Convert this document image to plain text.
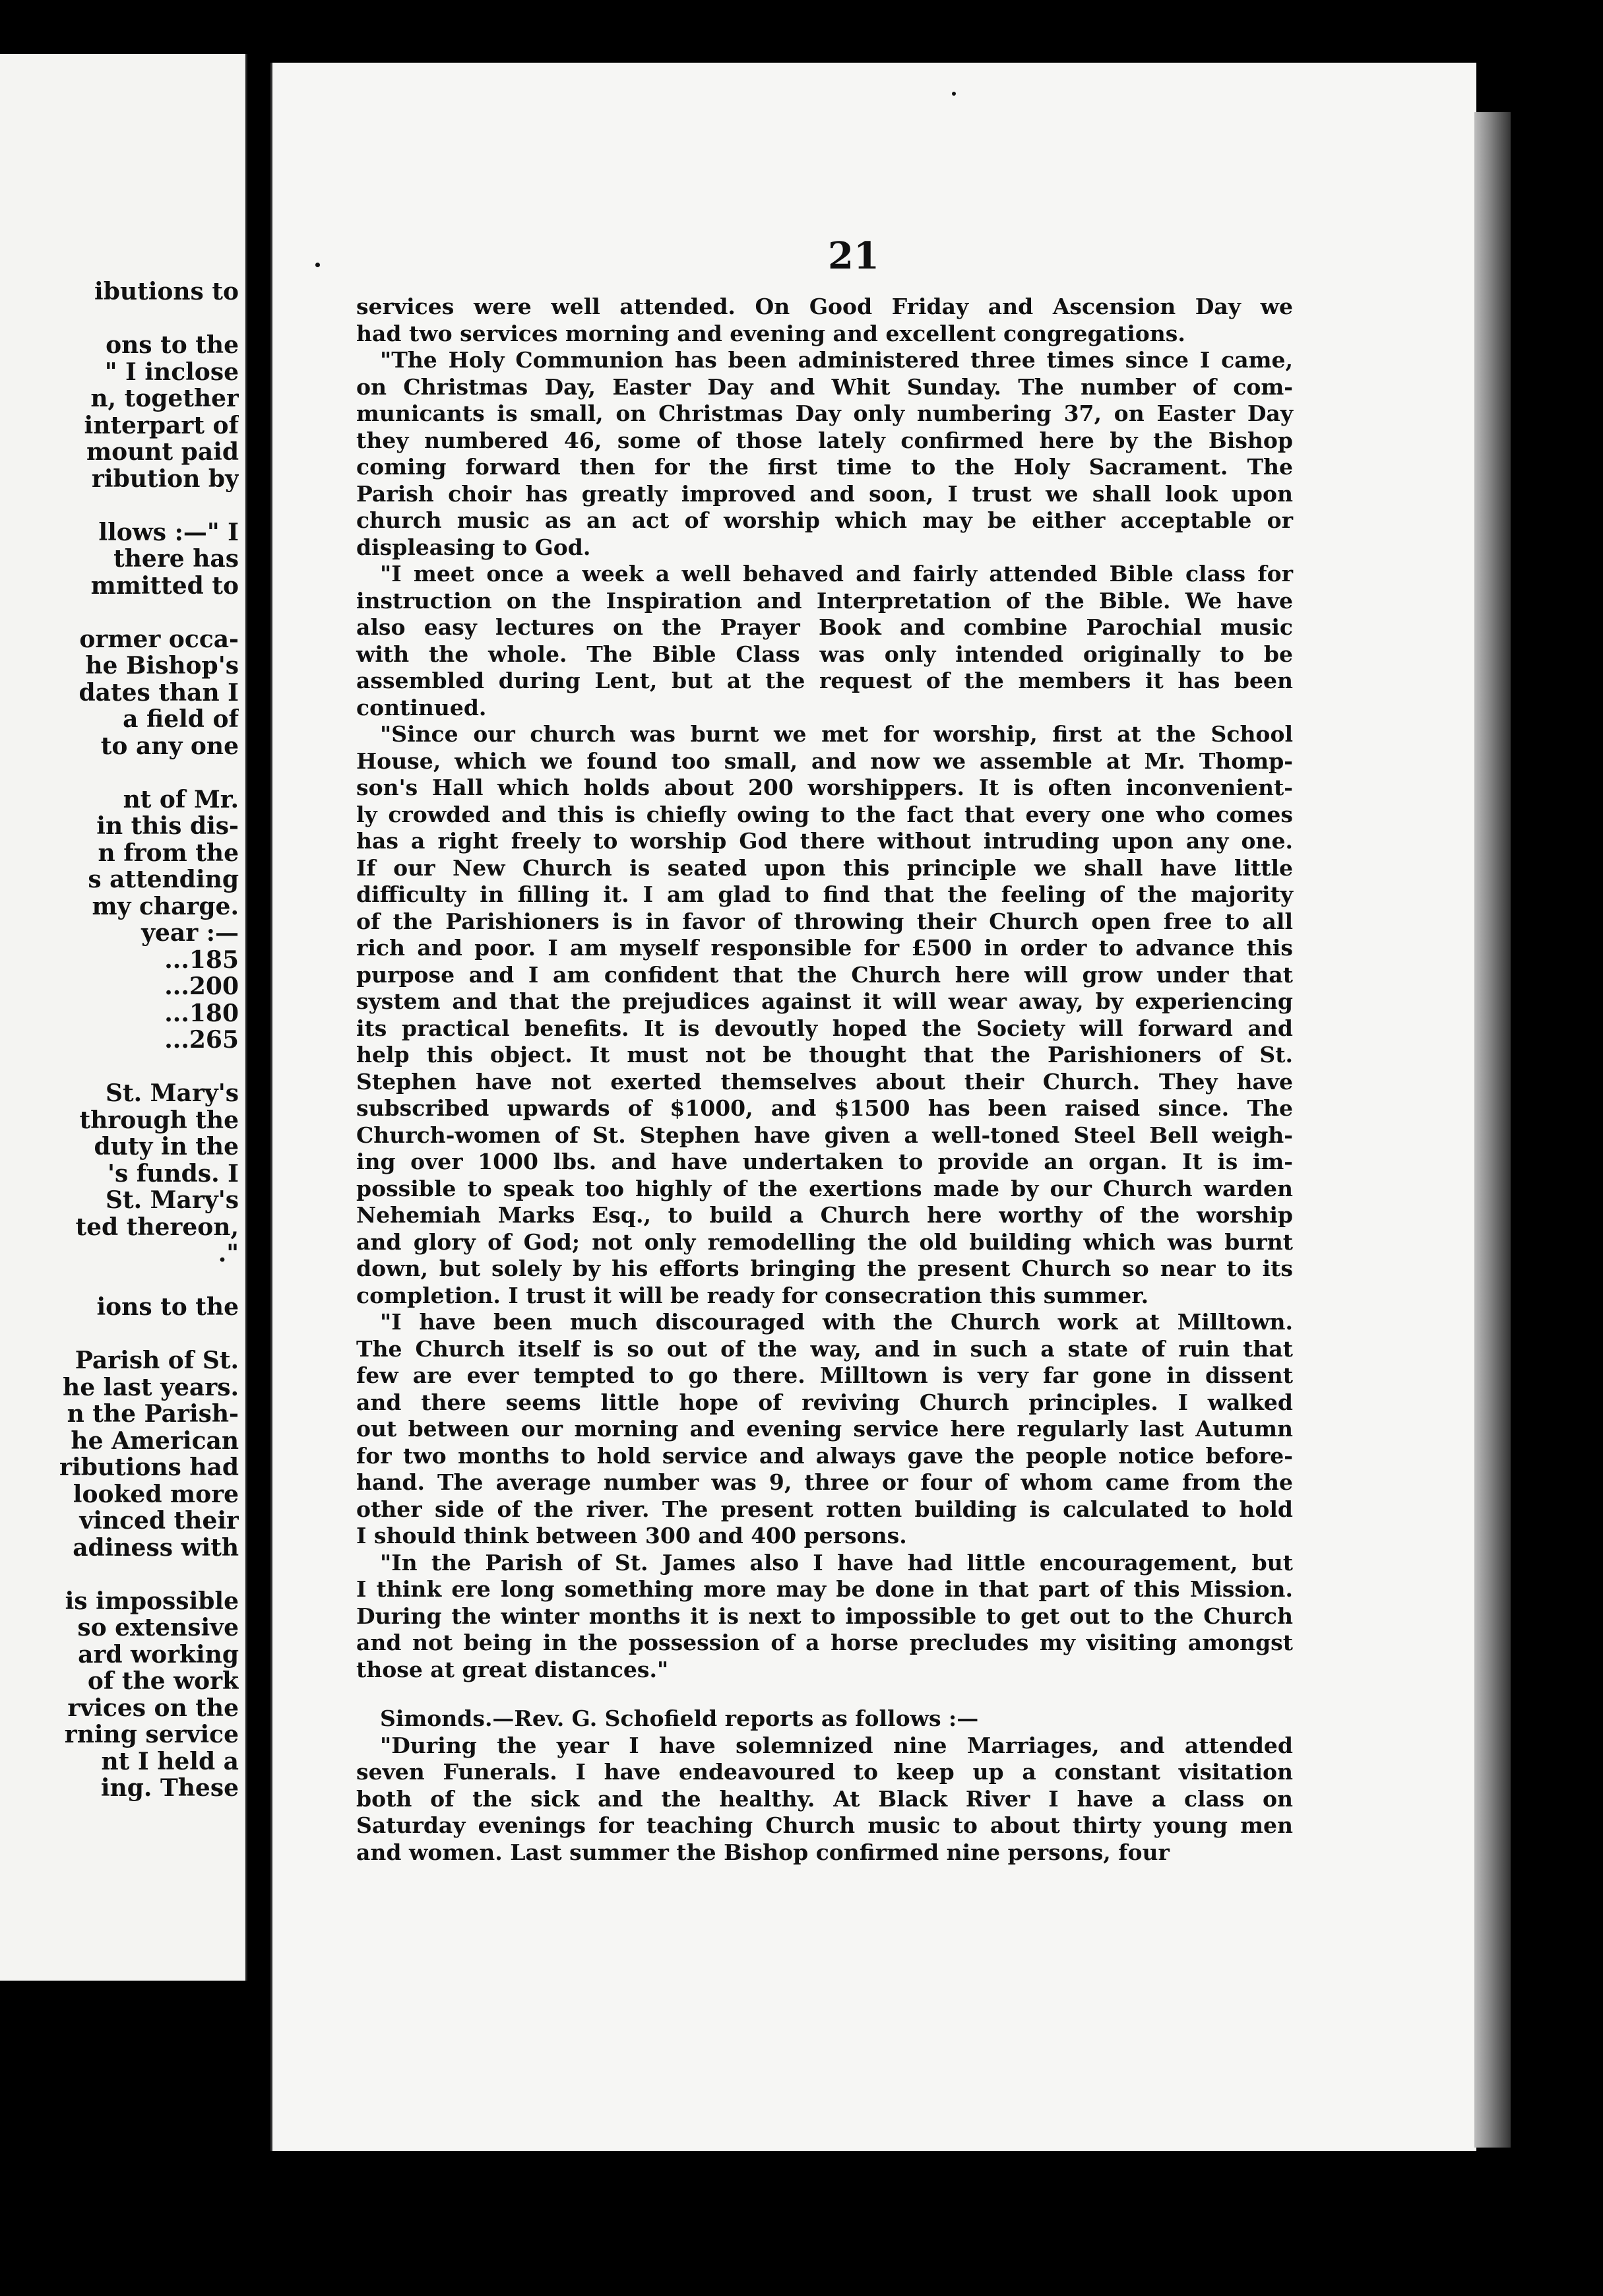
ibutions to

ons to the
" I inclose
n, together
interpart of
mount paid
ribution by

llows :—" I
there has
mmitted to

ormer occa-
he Bishop's
dates than I
a field of
to any one

nt of Mr.
in this dis-
n from the
s attending
my charge.
year :—
...185
...200
...180
...265

St. Mary's
through the
duty in the
's funds. I
St. Mary's
ted thereon,
."

ions to the

Parish of St.
he last years.
n the Parish-
he American
ributions had
looked more
vinced their
adiness with

is impossible
so extensive
ard working
of the work
rvices on the
rning service
nt I held a
ing. These
21
services were well attended. On Good Friday and Ascension Day we
had two services morning and evening and excellent congregations.
"The Holy Communion has been administered three times since I came,
on Christmas Day, Easter Day and Whit Sunday. The number of com-
municants is small, on Christmas Day only numbering 37, on Easter Day
they numbered 46, some of those lately confirmed here by the Bishop
coming forward then for the first time to the Holy Sacrament. The
Parish choir has greatly improved and soon, I trust we shall look upon
church music as an act of worship which may be either acceptable or
displeasing to God.
"I meet once a week a well behaved and fairly attended Bible class for
instruction on the Inspiration and Interpretation of the Bible. We have
also easy lectures on the Prayer Book and combine Parochial music
with the whole. The Bible Class was only intended originally to be
assembled during Lent, but at the request of the members it has been
continued.
"Since our church was burnt we met for worship, first at the School
House, which we found too small, and now we assemble at Mr. Thomp-
son's Hall which holds about 200 worshippers. It is often inconvenient-
ly crowded and this is chiefly owing to the fact that every one who comes
has a right freely to worship God there without intruding upon any one.
If our New Church is seated upon this principle we shall have little
difficulty in filling it. I am glad to find that the feeling of the majority
of the Parishioners is in favor of throwing their Church open free to all
rich and poor. I am myself responsible for £500 in order to advance this
purpose and I am confident that the Church here will grow under that
system and that the prejudices against it will wear away, by experiencing
its practical benefits. It is devoutly hoped the Society will forward and
help this object. It must not be thought that the Parishioners of St.
Stephen have not exerted themselves about their Church. They have
subscribed upwards of $1000, and $1500 has been raised since. The
Church-women of St. Stephen have given a well-toned Steel Bell weigh-
ing over 1000 lbs. and have undertaken to provide an organ. It is im-
possible to speak too highly of the exertions made by our Church warden
Nehemiah Marks Esq., to build a Church here worthy of the worship
and glory of God; not only remodelling the old building which was burnt
down, but solely by his efforts bringing the present Church so near to its
completion. I trust it will be ready for consecration this summer.
"I have been much discouraged with the Church work at Milltown.
The Church itself is so out of the way, and in such a state of ruin that
few are ever tempted to go there. Milltown is very far gone in dissent
and there seems little hope of reviving Church principles. I walked
out between our morning and evening service here regularly last Autumn
for two months to hold service and always gave the people notice before-
hand. The average number was 9, three or four of whom came from the
other side of the river. The present rotten building is calculated to hold
I should think between 300 and 400 persons.
"In the Parish of St. James also I have had little encouragement, but
I think ere long something more may be done in that part of this Mission.
During the winter months it is next to impossible to get out to the Church
and not being in the possession of a horse precludes my visiting amongst
those at great distances."
Simonds.—Rev. G. Schofield reports as follows :—
"During the year I have solemnized nine Marriages, and attended
seven Funerals. I have endeavoured to keep up a constant visitation
both of the sick and the healthy. At Black River I have a class on
Saturday evenings for teaching Church music to about thirty young men
and women. Last summer the Bishop confirmed nine persons, four
